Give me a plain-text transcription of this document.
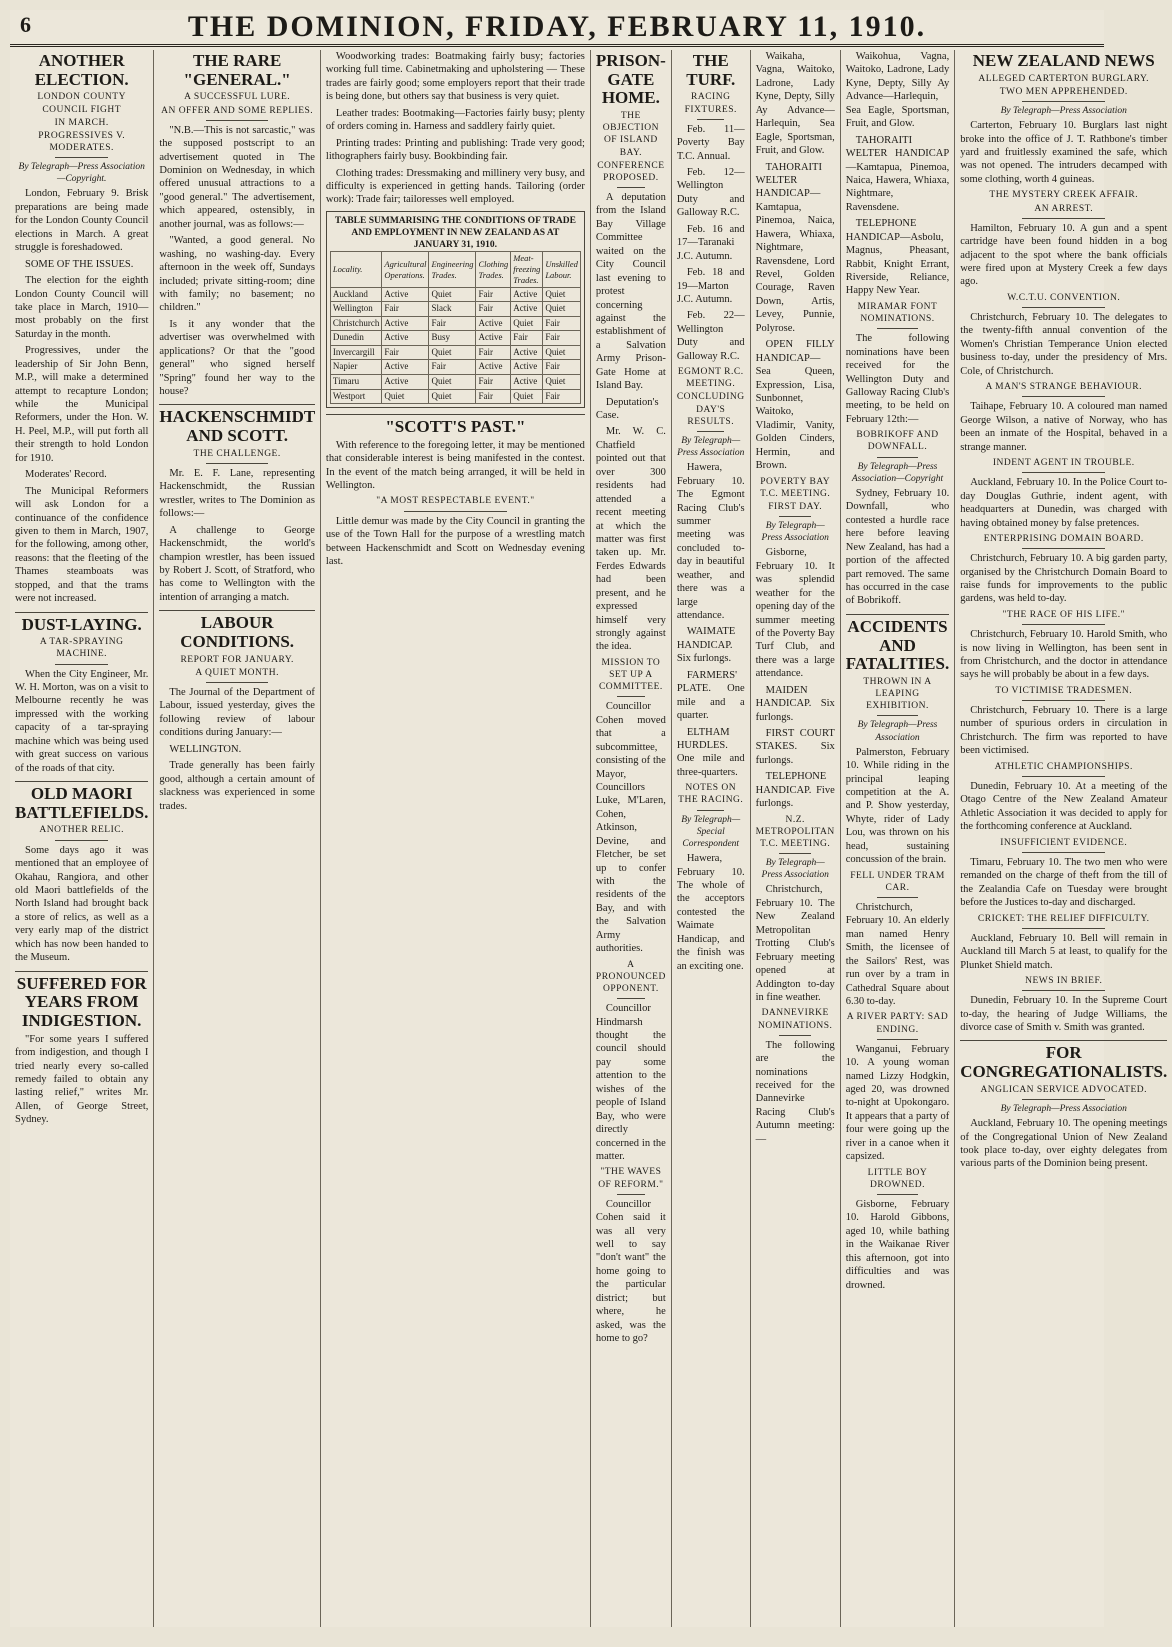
6	THE DOMINION, FRIDAY, FEBRUARY 11, 1910.
ANOTHER ELECTION.
LONDON COUNTY COUNCIL FIGHT
IN MARCH.
PROGRESSIVES V. MODERATES.
By Telegraph—Press Association—Copyright.

London, February 9. Brisk preparations are being made for the London County Council elections in March. A great struggle is foreshadowed.

SOME OF THE ISSUES.

The election for the eighth London County Council will take place in March, 1910—most probably on the first Saturday in the month.

Progressives, under the leadership of Sir John Benn, M.P., will make a determined attempt to recapture London; while the Municipal Reformers, under the Hon. W. H. Peel, M.P., will put forth all their strength to hold London for 1910.

Moderates' Record.

The Municipal Reformers will ask London for a continuance of the confidence given to them in March, 1907, for the following, among other, reasons: that the fleeting of the Thames steamboats was stopped, and that the trams were not increased.

DUST-LAYING.
A TAR-SPRAYING MACHINE.

When the City Engineer, Mr. W. H. Morton, was on a visit to Melbourne recently he was impressed with the working capacity of a tar-spraying machine which was being used with great success on various of the roads of that city.

OLD MAORI BATTLEFIELDS.
ANOTHER RELIC.

Some days ago it was mentioned that an employee of Okahau, Rangiora, and other old Maori battlefields of the North Island had brought back a store of relics, as well as a very early map of the district which has now been handed to the Museum.

SUFFERED FOR YEARS FROM INDIGESTION.

"For some years I suffered from indigestion, and though I tried nearly every so-called remedy failed to obtain any lasting relief," writes Mr. Allen, of George Street, Sydney.

THE RARE "GENERAL."
A SUCCESSFUL LURE.
AN OFFER AND SOME REPLIES.

"N.B.—This is not sarcastic," was the supposed postscript to an advertisement quoted in The Dominion on Wednesday, in which offered unusual attractions to a "good general." The advertisement, which appeared, ostensibly, in another journal, was as follows:—

"Wanted, a good general. No washing, no washing-day. Every afternoon in the week off, Sundays included; private sitting-room; dine with family; no basement; no children."

Is it any wonder that the advertiser was overwhelmed with applications? Or that the "good general" who signed herself "Spring" found her way to the house?

HACKENSCHMIDT AND SCOTT.
THE CHALLENGE.

Mr. E. F. Lane, representing Hackenschmidt, the Russian wrestler, writes to The Dominion as follows:—

A challenge to George Hackenschmidt, the world's champion wrestler, has been issued by Robert J. Scott, of Stratford, who has come to Wellington with the intention of arranging a match.

LABOUR CONDITIONS.
REPORT FOR JANUARY.
A QUIET MONTH.

The Journal of the Department of Labour, issued yesterday, gives the following review of labour conditions during January:—

WELLINGTON.

Trade generally has been fairly good, although a certain amount of slackness was experienced in some trades.

Woodworking trades: Boatmaking fairly busy; factories working full time. Cabinetmaking and upholstering — These trades are fairly good; some employers report that their trade is being done, but others say that business is very quiet.

Leather trades: Bootmaking—Factories fairly busy; plenty of orders coming in. Harness and saddlery fairly quiet.

Printing trades: Printing and publishing: Trade very good; lithographers fairly busy. Bookbinding fair.

Clothing trades: Dressmaking and millinery very busy, and difficulty is experienced in getting hands. Tailoring (order work): Trade fair; tailoresses well employed.

TABLE SUMMARISING THE CONDITIONS OF TRADE AND EMPLOYMENT IN NEW ZEALAND AS AT JANUARY 31, 1910.
Locality.	Agricultural Operations.	Engineering Trades.	Clothing Trades.	Meat-freezing Trades.	Unskilled Labour.
Auckland	Active	Quiet	Fair	Active	Quiet
Wellington	Fair	Slack	Fair	Active	Quiet
Christchurch	Active	Fair	Active	Quiet	Fair
Dunedin	Active	Busy	Active	Fair	Fair
Invercargill	Fair	Quiet	Fair	Active	Quiet
Napier	Active	Fair	Active	Active	Fair
Timaru	Active	Quiet	Fair	Active	Quiet
Westport	Quiet	Quiet	Fair	Quiet	Fair
"SCOTT'S PAST."

With reference to the foregoing letter, it may be mentioned that considerable interest is being manifested in the contest. In the event of the match being arranged, it will be held in Wellington.

"A MOST RESPECTABLE EVENT."

Little demur was made by the City Council in granting the use of the Town Hall for the purpose of a wrestling match between Hackenschmidt and Scott on Wednesday evening last.

PRISON-GATE HOME.
THE OBJECTION OF ISLAND BAY.
CONFERENCE PROPOSED.

A deputation from the Island Bay Village Committee waited on the City Council last evening to protest concerning against the establishment of a Salvation Army Prison-Gate Home at Island Bay.

Deputation's Case.

Mr. W. C. Chatfield pointed out that over 300 residents had attended a recent meeting at which the matter was first taken up. Mr. Ferdes Edwards had been present, and he expressed himself very strongly against the idea.

MISSION TO SET UP A COMMITTEE.

Councillor Cohen moved that a subcommittee, consisting of the Mayor, Councillors Luke, M'Laren, Cohen, Atkinson, Devine, and Fletcher, be set up to confer with the residents of the Bay, and with the Salvation Army authorities.

A PRONOUNCED OPPONENT.

Councillor Hindmarsh thought the council should pay some attention to the wishes of the people of Island Bay, who were directly concerned in the matter.

"THE WAVES OF REFORM."

Councillor Cohen said it was all very well to say "don't want" the home going to the particular district; but where, he asked, was the home to go?

THE TURF.
RACING FIXTURES.

Feb. 11—Poverty Bay T.C. Annual.

Feb. 12—Wellington Duty and Galloway R.C.

Feb. 16 and 17—Taranaki J.C. Autumn.

Feb. 18 and 19—Marton J.C. Autumn.

Feb. 22—Wellington Duty and Galloway R.C.

EGMONT R.C. MEETING.
CONCLUDING DAY'S RESULTS.
By Telegraph—Press Association

Hawera, February 10. The Egmont Racing Club's summer meeting was concluded to-day in beautiful weather, and there was a large attendance.

WAIMATE HANDICAP. Six furlongs.

FARMERS' PLATE. One mile and a quarter.

ELTHAM HURDLES. One mile and three-quarters.

NOTES ON THE RACING.
By Telegraph—Special Correspondent

Hawera, February 10. The whole of the acceptors contested the Waimate Handicap, and the finish was an exciting one.

Waikaha, Vagna, Waitoko, Ladrone, Lady Kyne, Depty, Silly Ay Advance—Harlequin, Sea Eagle, Sportsman, Fruit, and Glow.

TAHORAITI WELTER HANDICAP—Kamtapua, Pinemoa, Naica, Hawera, Whiaxa, Nightmare, Ravensdene, Lord Revel, Golden Courage, Raven Down, Artis, Levey, Punnie, Polyrose.

OPEN FILLY HANDICAP—Sea Queen, Expression, Lisa, Sunbonnet, Waitoko, Vladimir, Vanity, Golden Cinders, Hermin, and Brown.

POVERTY BAY T.C. MEETING.
FIRST DAY.
By Telegraph—Press Association

Gisborne, February 10. It was splendid weather for the opening day of the summer meeting of the Poverty Bay Turf Club, and there was a large attendance.

MAIDEN HANDICAP. Six furlongs.

FIRST COURT STAKES. Six furlongs.

TELEPHONE HANDICAP. Five furlongs.

N.Z. METROPOLITAN T.C. MEETING.
By Telegraph—Press Association

Christchurch, February 10. The New Zealand Metropolitan Trotting Club's February meeting opened at Addington to-day in fine weather.

DANNEVIRKE NOMINATIONS.

The following are the nominations received for the Dannevirke Racing Club's Autumn meeting:—

Waikohua, Vagna, Waitoko, Ladrone, Lady Kyne, Depty, Silly Ay Advance—Harlequin, Sea Eagle, Sportsman, Fruit, and Glow.

TAHORAITI WELTER HANDICAP—Kamtapua, Pinemoa, Naica, Hawera, Whiaxa, Nightmare, Ravensdene.

TELEPHONE HANDICAP—Asbolu, Magnus, Pheasant, Rabbit, Knight Errant, Riverside, Reliance, Happy New Year.

MIRAMAR FONT NOMINATIONS.

The following nominations have been received for the Wellington Duty and Galloway Racing Club's meeting, to be held on February 12th:—

BOBRIKOFF AND DOWNFALL.
By Telegraph—Press Association—Copyright

Sydney, February 10. Downfall, who contested a hurdle race here before leaving New Zealand, has had a portion of the affected part removed. The same has occurred in the case of Bobrikoff.

ACCIDENTS AND FATALITIES.
THROWN IN A LEAPING EXHIBITION.
By Telegraph—Press Association

Palmerston, February 10. While riding in the principal leaping competition at the A. and P. Show yesterday, Whyte, rider of Lady Lou, was thrown on his head, sustaining concussion of the brain.

FELL UNDER TRAM CAR.

Christchurch, February 10. An elderly man named Henry Smith, the licensee of the Sailors' Rest, was run over by a tram in Cathedral Square about 6.30 to-day.

A RIVER PARTY: SAD ENDING.

Wanganui, February 10. A young woman named Lizzy Hodgkin, aged 20, was drowned to-night at Upokongaro. It appears that a party of four were going up the river in a canoe when it capsized.

LITTLE BOY DROWNED.

Gisborne, February 10. Harold Gibbons, aged 10, while bathing in the Waikanae River this afternoon, got into difficulties and was drowned.

NEW ZEALAND NEWS
ALLEGED CARTERTON BURGLARY.
TWO MEN APPREHENDED.
By Telegraph—Press Association

Carterton, February 10. Burglars last night broke into the office of J. T. Rathbone's timber yard and fruitlessly examined the safe, which was not opened. The intruders decamped with some clothing, worth 4 guineas.

THE MYSTERY CREEK AFFAIR.
AN ARREST.

Hamilton, February 10. A gun and a spent cartridge have been found hidden in a bog adjacent to the spot where the bank officials were fired upon at Mystery Creek a few days ago.

W.C.T.U. CONVENTION.

Christchurch, February 10. The delegates to the twenty-fifth annual convention of the Women's Christian Temperance Union elected business to-day, under the presidency of Mrs. Cole, of Christchurch.

A MAN'S STRANGE BEHAVIOUR.

Taihape, February 10. A coloured man named George Wilson, a native of Norway, who has been an inmate of the Hospital, behaved in a strange manner.

INDENT AGENT IN TROUBLE.

Auckland, February 10. In the Police Court to-day Douglas Guthrie, indent agent, with headquarters at Dunedin, was charged with having obtained money by false pretences.

ENTERPRISING DOMAIN BOARD.

Christchurch, February 10. A big garden party, organised by the Christchurch Domain Board to raise funds for improvements to the public gardens, was held to-day.

"THE RACE OF HIS LIFE."

Christchurch, February 10. Harold Smith, who is now living in Wellington, has been sent in from Christchurch, and the doctor in attendance says he will probably be about in a few days.

TO VICTIMISE TRADESMEN.

Christchurch, February 10. There is a large number of spurious orders in circulation in Christchurch. The firm was reported to have been victimised.

ATHLETIC CHAMPIONSHIPS.

Dunedin, February 10. At a meeting of the Otago Centre of the New Zealand Amateur Athletic Association it was decided to apply for the forthcoming conference at Auckland.

INSUFFICIENT EVIDENCE.

Timaru, February 10. The two men who were remanded on the charge of theft from the till of the Zealandia Cafe on Tuesday were brought before the Justices to-day and discharged.

CRICKET: THE RELIEF DIFFICULTY.

Auckland, February 10. Bell will remain in Auckland till March 5 at least, to qualify for the Plunket Shield match.

NEWS IN BRIEF.

Dunedin, February 10. In the Supreme Court to-day, the hearing of Judge Williams, the divorce case of Smith v. Smith was granted.

FOR CONGREGATIONALISTS.
ANGLICAN SERVICE ADVOCATED.
By Telegraph—Press Association

Auckland, February 10. The opening meetings of the Congregational Union of New Zealand took place to-day, over eighty delegates from various parts of the Dominion being present.
